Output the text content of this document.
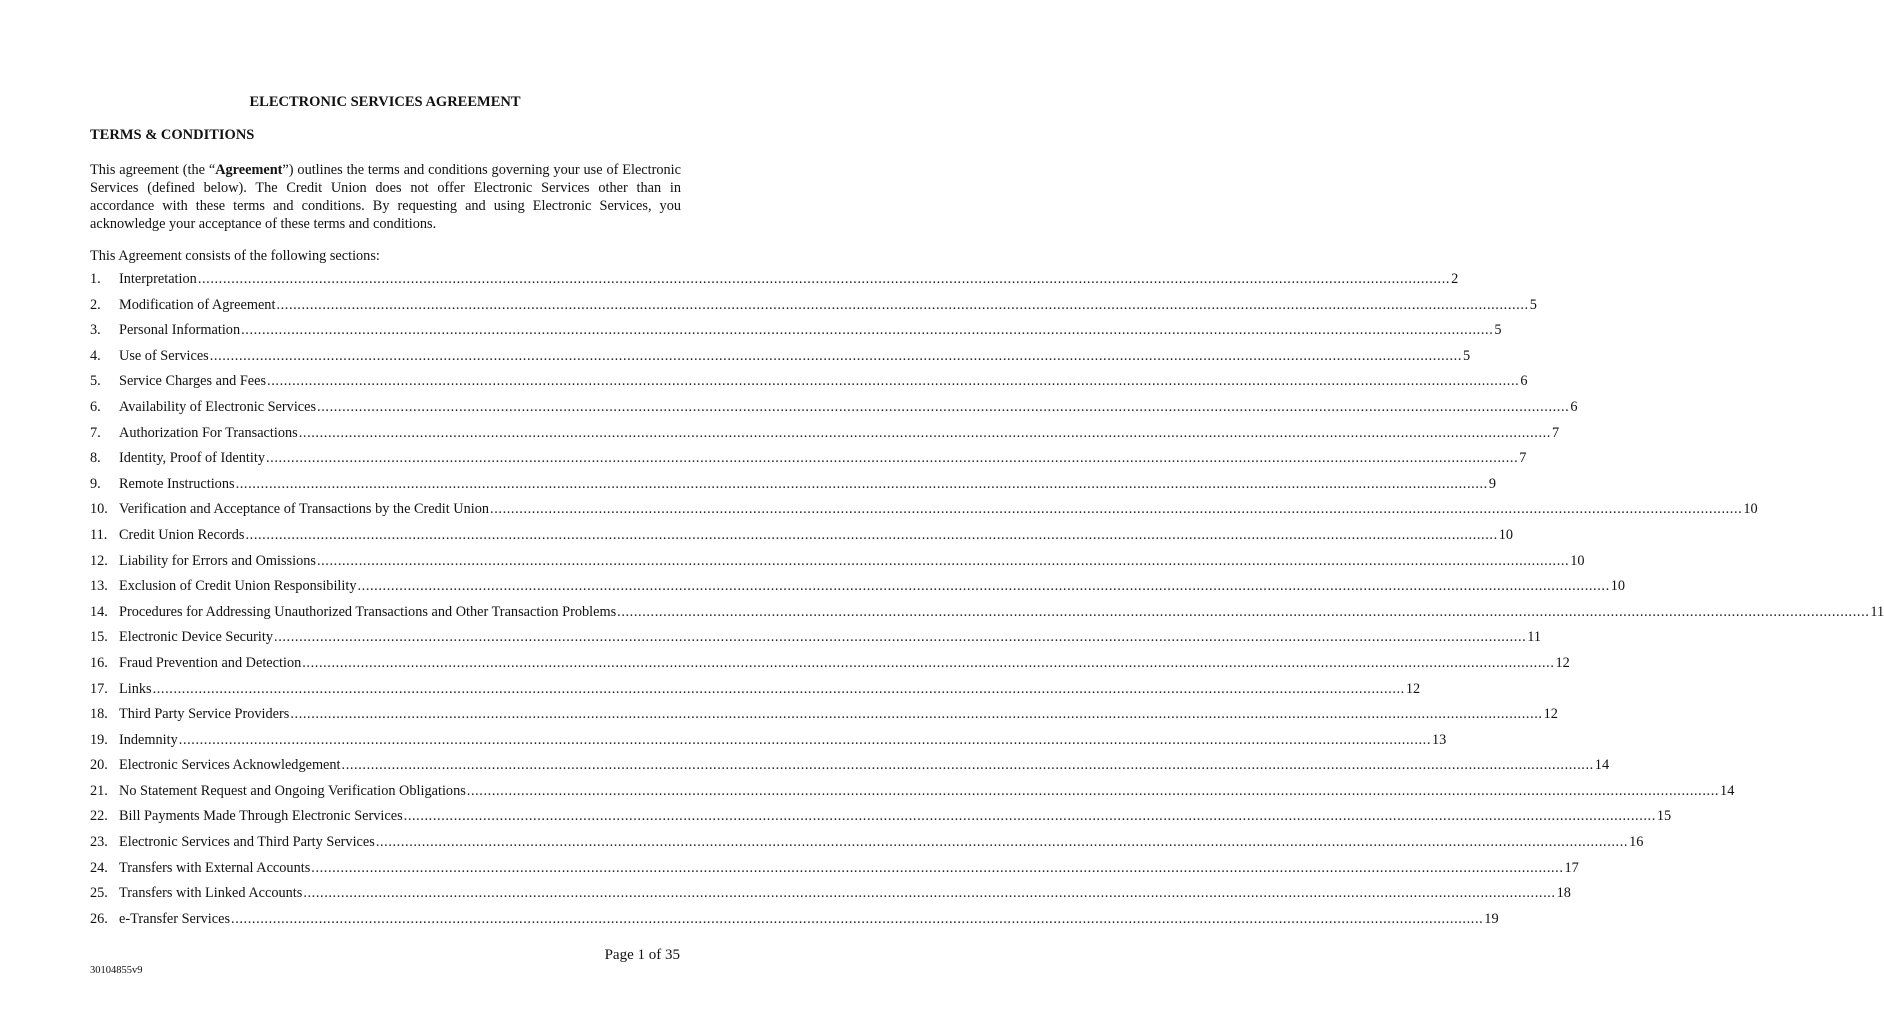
ELECTRONIC SERVICES AGREEMENT
TERMS & CONDITIONS

This agreement (the “Agreement”) outlines the terms and conditions governing your use of Electronic Services (defined below). The Credit Union does not offer Electronic Services other than in accordance with these terms and conditions. By requesting and using Electronic Services, you acknowledge your acceptance of these terms and conditions.

This Agreement consists of the following sections:
1.	Interpretation ............................................................................................................................................................................................................................................................................................................ 2
2.	Modification of Agreement ............................................................................................................................................................................................................................................................................................................ 5
3.	Personal Information ............................................................................................................................................................................................................................................................................................................ 5
4.	Use of Services ............................................................................................................................................................................................................................................................................................................ 5
5.	Service Charges and Fees ............................................................................................................................................................................................................................................................................................................ 6
6.	Availability of Electronic Services ............................................................................................................................................................................................................................................................................................................ 6
7.	Authorization For Transactions ............................................................................................................................................................................................................................................................................................................ 7
8.	Identity, Proof of Identity ............................................................................................................................................................................................................................................................................................................ 7
9.	Remote Instructions ............................................................................................................................................................................................................................................................................................................ 9
10. Verification and Acceptance of Transactions by the Credit Union ............................................................................................................................................................................................................................................................................................................ 10
11. Credit Union Records ............................................................................................................................................................................................................................................................................................................ 10
12. Liability for Errors and Omissions ............................................................................................................................................................................................................................................................................................................ 10
13. Exclusion of Credit Union Responsibility ............................................................................................................................................................................................................................................................................................................ 10
14. Procedures for Addressing Unauthorized Transactions and Other Transaction Problems ............................................................................................................................................................................................................................................................................................................ 11
15. Electronic Device Security ............................................................................................................................................................................................................................................................................................................ 11
16. Fraud Prevention and Detection ............................................................................................................................................................................................................................................................................................................ 12
17. Links ............................................................................................................................................................................................................................................................................................................ 12
18. Third Party Service Providers ............................................................................................................................................................................................................................................................................................................ 12
19. Indemnity ............................................................................................................................................................................................................................................................................................................ 13
20. Electronic Services Acknowledgement ............................................................................................................................................................................................................................................................................................................ 14
21. No Statement Request and Ongoing Verification Obligations ............................................................................................................................................................................................................................................................................................................ 14
22. Bill Payments Made Through Electronic Services ............................................................................................................................................................................................................................................................................................................ 15
23. Electronic Services and Third Party Services ............................................................................................................................................................................................................................................................................................................ 16
24. Transfers with External Accounts ............................................................................................................................................................................................................................................................................................................ 17
25. Transfers with Linked Accounts ............................................................................................................................................................................................................................................................................................................ 18
26. e-Transfer Services ............................................................................................................................................................................................................................................................................................................ 19
Page 1 of 35
30104855v9
